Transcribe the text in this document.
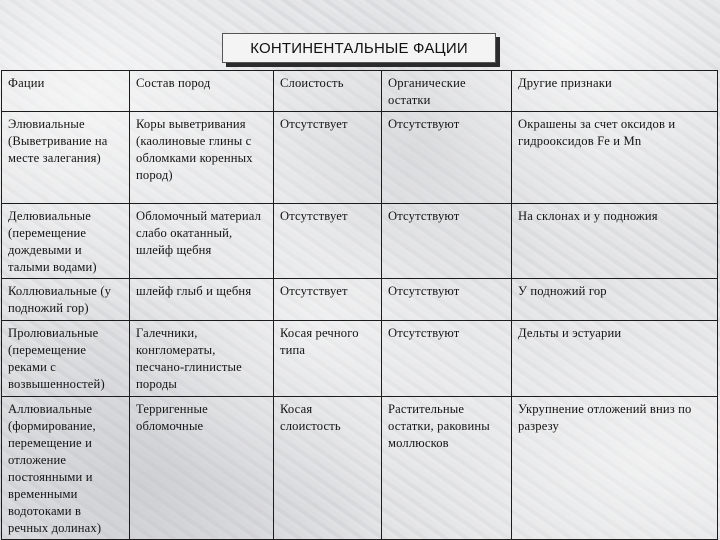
КОНТИНЕНТАЛЬНЫЕ ФАЦИИ
Фации	Состав пород	Слоистость	Органические остатки	Другие признаки
Элювиальные (Выветривание на месте залегания)	Коры выветривания (каолиновые глины с обломками коренных пород)	Отсутствует	Отсутствуют	Окрашены за счет оксидов и гидрооксидов Fe и Mn
Делювиальные (перемещение дождевыми и талыми водами)	Обломочный материал слабо окатанный, шлейф щебня	Отсутствует	Отсутствуют	На склонах и у подножия
Коллювиальные (у подножий гор)	шлейф глыб и щебня	Отсутствует	Отсутствуют	У подножий гор
Пролювиальные (перемещение реками с возвышенностей)	Галечники, конгломераты, песчано-глинистые породы	Косая речного типа	Отсутствуют	Дельты и эстуарии
Аллювиальные (формирование, перемещение и отложение постоянными и временными водотоками в речных долинах)	Терригенные обломочные	Косая слоистость	Растительные остатки, раковины моллюсков	Укрупнение отложений вниз по разрезу
